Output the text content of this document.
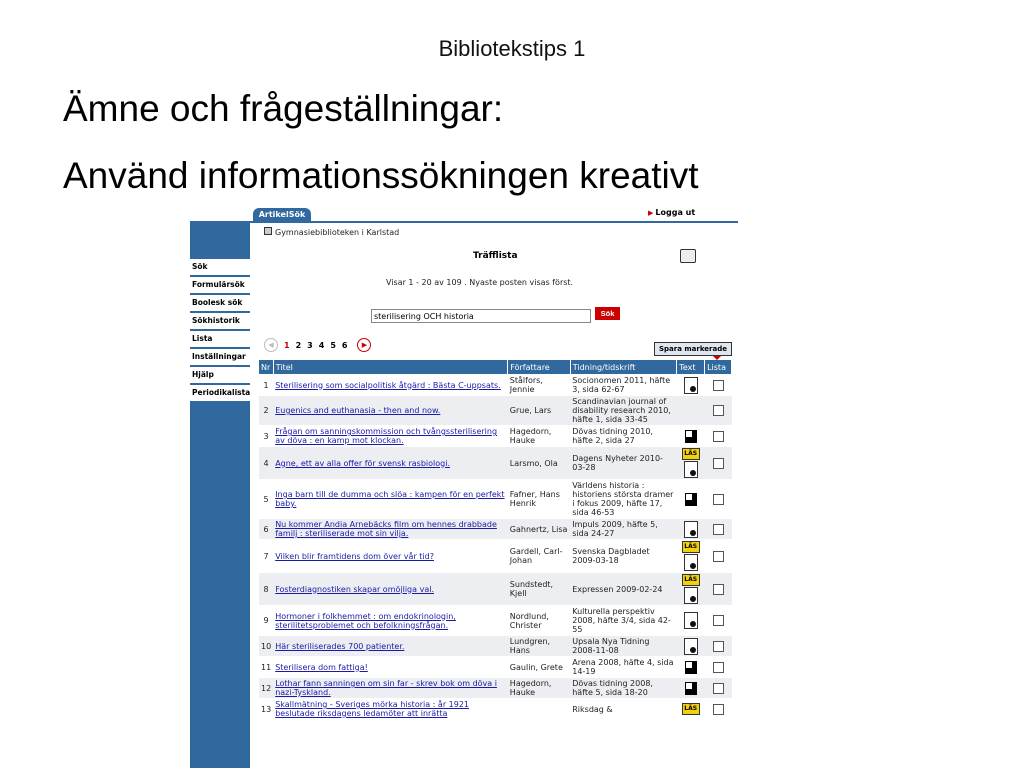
Bibliotekstips 1
Ämne och frågeställningar:
Använd informationssökningen kreativt
ArtikelSök	▶ Logga ut
Sök
Formulärsök
Boolesk sök
Sökhistorik
Lista
Inställningar
Hjälp
Periodikalista
Gymnasiebiblioteken i Karlstad
Träfflista
Visar 1 - 20 av 109 . Nyaste posten visas först.
sterilisering OCH historia
Sök
◀	1 2 3 4 5 6	▶	Spara markerade
Nr	Titel	Författare	Tidning/tidskrift	Text	Lista
1	Sterilisering som socialpolitisk åtgärd : Bästa C-uppsats.	Stålfors, Jennie	Socionomen 2011, häfte 3, sida 62-67	

2	Eugenics and euthanasia - then and now.	Grue, Lars	Scandinavian journal of disability research 2010, häfte 1, sida 33-45	

3	Frågan om sanningskommission och tvångssterilisering av döva : en kamp mot klockan.	Hagedorn, Hauke	Dövas tidning 2010, häfte 2, sida 27	

4	Agne, ett av alla offer för svensk rasbiologi.	Larsmo, Ola	Dagens Nyheter 2010-03-28	LÄS	

5	Inga barn till de dumma och slöa : kampen för en perfekt baby.	Fafner, Hans Henrik	Världens historia : historiens största dramer i fokus 2009, häfte 17, sida 46-53	

6	Nu kommer Andia Arnebäcks film om hennes drabbade familj : steriliserade mot sin vilja.	Gahnertz, Lisa	Impuls 2009, häfte 5, sida 24-27	

7	Vilken blir framtidens dom över vår tid?	Gardell, Carl-Johan	Svenska Dagbladet 2009-03-18	LÄS	

8	Fosterdiagnostiken skapar omöjliga val.	Sundstedt, Kjell	Expressen 2009-02-24	LÄS	

9	Hormoner i folkhemmet : om endokrinologin, sterilitetsproblemet och befolkningsfrågan.	Nordlund, Christer	Kulturella perspektiv 2008, häfte 3/4, sida 42-55	

10	Här steriliserades 700 patienter.	Lundgren, Hans	Upsala Nya Tidning 2008-11-08	

11	Sterilisera dom fattiga!	Gaulin, Grete	Arena 2008, häfte 4, sida 14-19	

12	Lothar fann sanningen om sin far - skrev bok om döva i nazi-Tyskland.	Hagedorn, Hauke	Dövas tidning 2008, häfte 5, sida 18-20	

13	Skallmätning - Sveriges mörka historia : år 1921 beslutade riksdagens ledamöter att inrätta		Riksdag &	LÄS	
